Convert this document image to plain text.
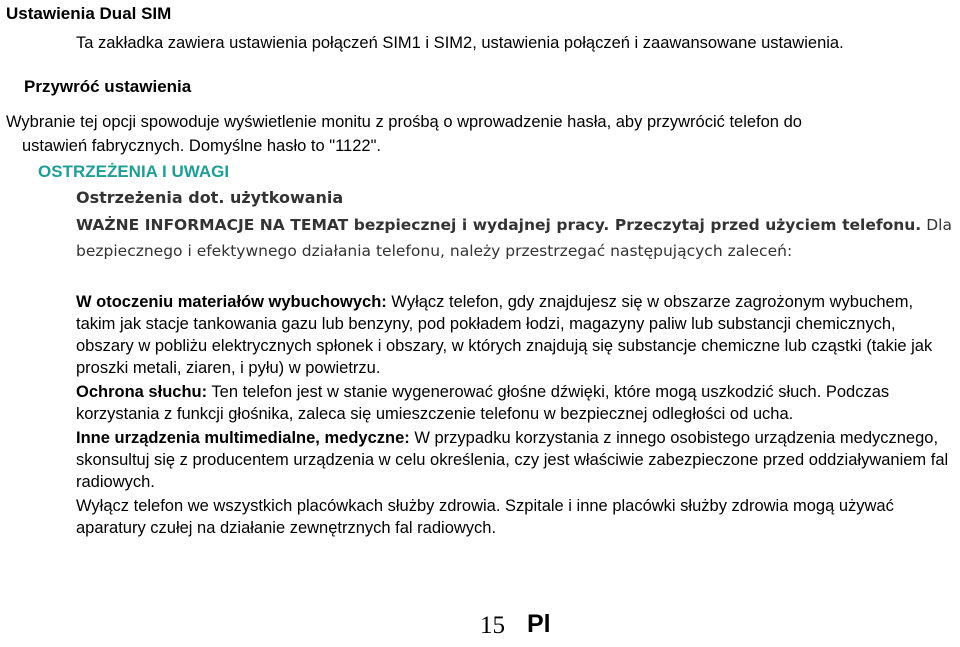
Ustawienia Dual SIM

Ta zakładka zawiera ustawienia połączeń SIM1 i SIM2, ustawienia połączeń i zaawansowane ustawienia.

Przywróć ustawienia

Wybranie tej opcji spowoduje wyświetlenie monitu z prośbą o wprowadzenie hasła, aby przywrócić telefon do
ustawień fabrycznych. Domyślne hasło to "1122".

OSTRZEŻENIA I UWAGI
Ostrzeżenia dot. użytkowania

WAŻNE INFORMACJE NA TEMAT bezpiecznej i wydajnej pracy. Przeczytaj przed użyciem telefonu. Dla bezpiecznego i efektywnego działania telefonu, należy przestrzegać następujących zaleceń:

W otoczeniu materiałów wybuchowych: Wyłącz telefon, gdy znajdujesz się w obszarze zagrożonym wybuchem, takim jak stacje tankowania gazu lub benzyny, pod pokładem łodzi, magazyny paliw lub substancji chemicznych, obszary w pobliżu elektrycznych spłonek i obszary, w których znajdują się substancje chemiczne lub cząstki (takie jak proszki metali, ziaren, i pyłu) w powietrzu.

Ochrona słuchu: Ten telefon jest w stanie wygenerować głośne dźwięki, które mogą uszkodzić słuch. Podczas korzystania z funkcji głośnika, zaleca się umieszczenie telefonu w bezpiecznej odległości od ucha.

Inne urządzenia multimedialne, medyczne: W przypadku korzystania z innego osobistego urządzenia medycznego, skonsultuj się z producentem urządzenia w celu określenia, czy jest właściwie zabezpieczone przed oddziaływaniem fal radiowych.

Wyłącz telefon we wszystkich placówkach służby zdrowia. Szpitale i inne placówki służby zdrowia mogą używać aparatury czułej na działanie zewnętrznych fal radiowych.

15 Pl
